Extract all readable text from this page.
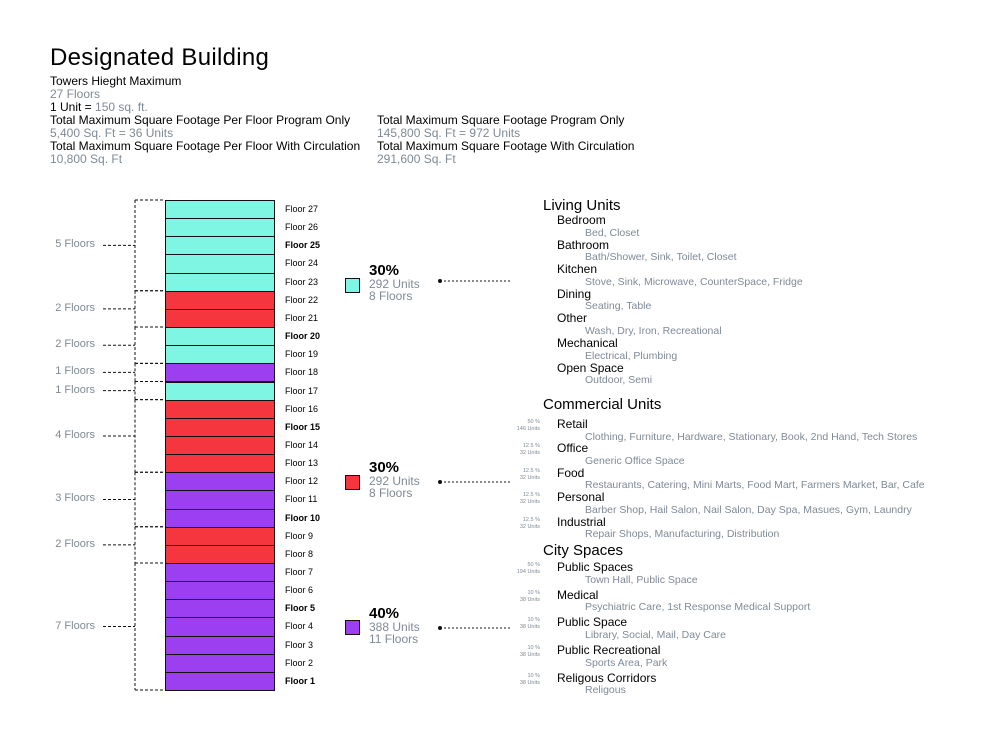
Designated Building
Towers Hieght Maximum
27 Floors
1 Unit = 150 sq. ft.
Total Maximum Square Footage Per Floor Program Only
5,400 Sq. Ft = 36 Units
Total Maximum Square Footage Per Floor With Circulation
10,800 Sq. Ft
Total Maximum Square Footage Program Only
145,800 Sq. Ft = 972 Units
Total Maximum Square Footage With Circulation
291,600 Sq. Ft
Floor 27
Floor 26
Floor 25
Floor 24
Floor 23
Floor 22
Floor 21
Floor 20
Floor 19
Floor 18
Floor 17
Floor 16
Floor 15
Floor 14
Floor 13
Floor 12
Floor 11
Floor 10
Floor 9
Floor 8
Floor 7
Floor 6
Floor 5
Floor 4
Floor 3
Floor 2
Floor 1
5 Floors
2 Floors
2 Floors
1 Floors
1 Floors
4 Floors
3 Floors
2 Floors
7 Floors
30%
292 Units
8 Floors
30%
292 Units
8 Floors
40%
388 Units
11 Floors
Living Units
Bedroom
Bed, Closet
Bathroom
Bath/Shower, Sink, Toilet, Closet
Kitchen
Stove, Sink, Microwave, CounterSpace, Fridge
Dining
Seating, Table
Other
Wash, Dry, Iron, Recreational
Mechanical
Electrical, Plumbing
Open Space
Outdoor, Semi
Commercial Units
Retail
Clothing, Furniture, Hardware, Stationary, Book, 2nd Hand, Tech Stores
50 %
146 Units
Office
Generic Office Space
12.5 %
32 Units
Food
Restaurants, Catering, Mini Marts, Food Mart, Farmers Market, Bar, Cafe
12.5 %
32 Units
Personal
Barber Shop, Hail Salon, Nail Salon, Day Spa, Masues, Gym, Laundry
12.5 %
32 Units
Industrial
Repair Shops, Manufacturing, Distribution
12.5 %
32 Units
City Spaces
Public Spaces
Town Hall, Public Space
50 %
194 Units
Medical
Psychiatric Care, 1st Response Medical Support
10 %
38 Units
Public Space
Library, Social, Mail, Day Care
10 %
38 Units
Public Recreational
Sports Area, Park
10 %
38 Units
Religous Corridors
Religous
10 %
38 Units
